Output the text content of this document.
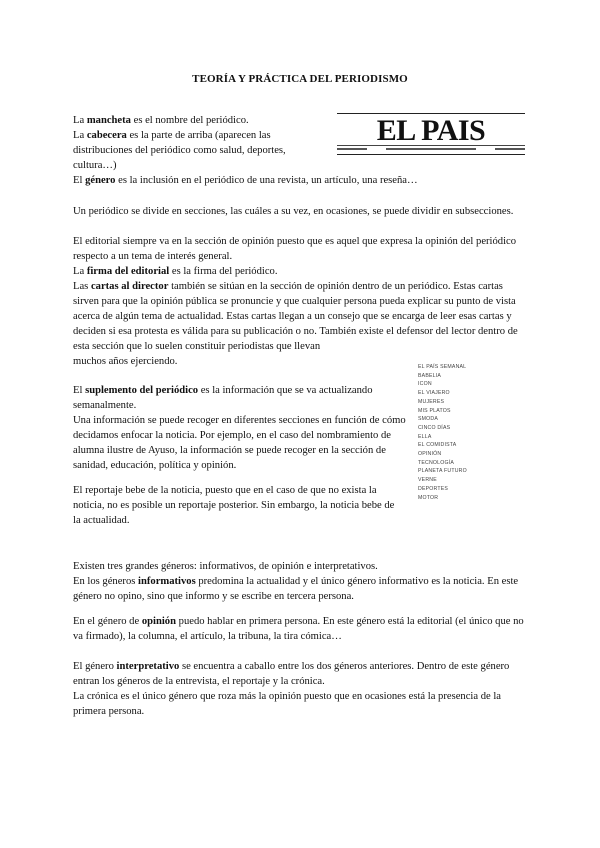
TEORÍA Y PRÁCTICA DEL PERIODISMO
EL PAIS

La mancheta es el nombre del periódico.

La cabecera es la parte de arriba (aparecen las distribuciones del periódico como salud, deportes, cultura…)

El género es la inclusión en el periódico de una revista, un artículo, una reseña…

Un periódico se divide en secciones, las cuáles a su vez, en ocasiones, se puede dividir en subsecciones.

El editorial siempre va en la sección de opinión puesto que es aquel que expresa la opinión del periódico respecto a un tema de interés general.

La firma del editorial es la firma del periódico.

Las cartas al director también se sitúan en la sección de opinión dentro de un periódico. Estas cartas sirven para que la opinión pública se pronuncie y que cualquier persona pueda explicar su punto de vista acerca de algún tema de actualidad. Estas cartas llegan a un consejo que se encarga de leer esas cartas y deciden si esa protesta es válida para su publicación o no. También existe el defensor del lector dentro de esta sección que lo suelen constituir periodistas que llevan

muchos años ejerciendo.

El suplemento del periódico es la información que se va actualizando semanalmente.

Una información se puede recoger en diferentes secciones en función de cómo decidamos enfocar la noticia. Por ejemplo, en el caso del nombramiento de alumna ilustre de Ayuso, la información se puede recoger en la sección de sanidad, educación, política y opinión.

El reportaje bebe de la noticia, puesto que en el caso de que no exista la noticia, no es posible un reportaje posterior. Sin embargo, la noticia bebe de la actualidad.

EL PAÍS SEMANAL
BABELIA
ICON
EL VIAJERO
MUJERES
MIS PLATOS
SMODA
CINCO DÍAS
ELLA
EL COMIDISTA
OPINIÓN
TECNOLOGÍA
PLANETA FUTURO
VERNE
DEPORTES
MOTOR

Existen tres grandes géneros: informativos, de opinión e interpretativos.

En los géneros informativos predomina la actualidad y el único género informativo es la noticia. En este género no opino, sino que informo y se escribe en tercera persona.

En el género de opinión puedo hablar en primera persona. En este género está la editorial (el único que no va firmado), la columna, el artículo, la tribuna, la tira cómica…

El género interpretativo se encuentra a caballo entre los dos géneros anteriores. Dentro de este género entran los géneros de la entrevista, el reportaje y la crónica.

La crónica es el único género que roza más la opinión puesto que en ocasiones está la presencia de la primera persona.
